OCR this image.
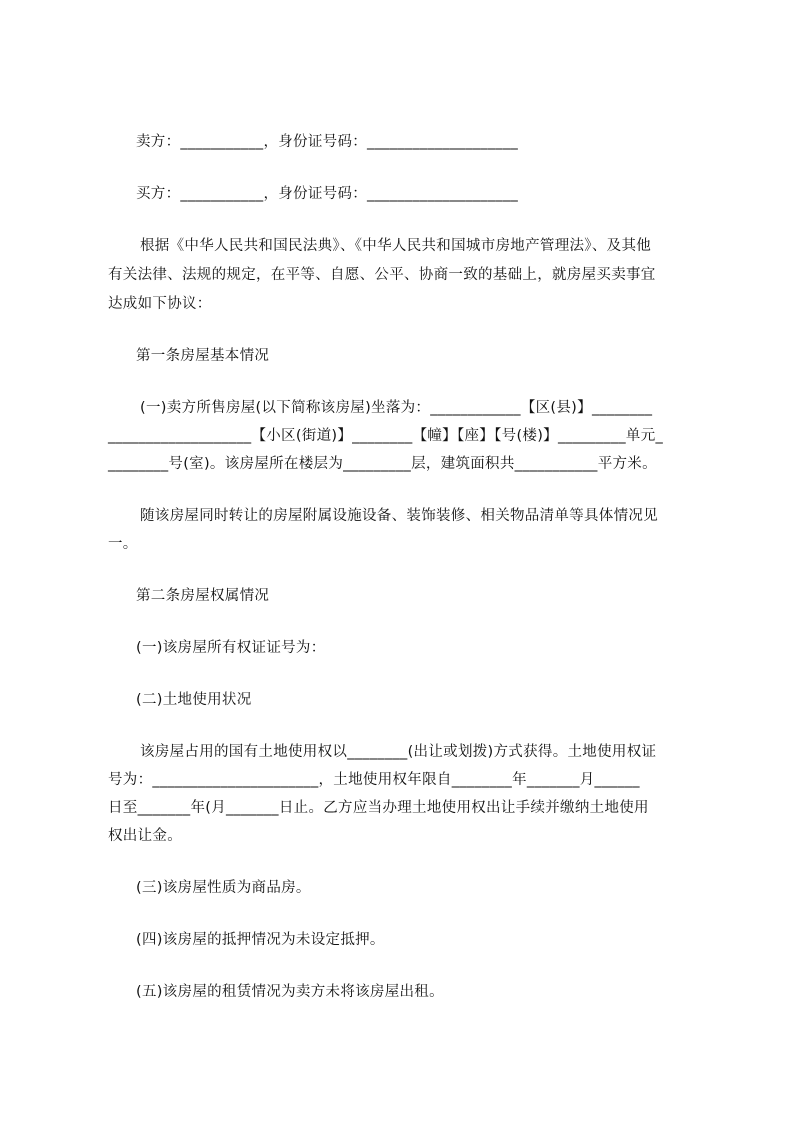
卖方：___________，身份证号码：____________________
买方：___________，身份证号码：____________________
根据《中华人民共和国民法典》、《中华人民共和国城市房地产管理法》、及其他
有关法律、法规的规定，在平等、自愿、公平、协商一致的基础上，就房屋买卖事宜
达成如下协议：
第一条房屋基本情况
(一)卖方所售房屋(以下简称该房屋)坐落为：____________【区(县)】________
___________________【小区(街道)】________【幢】【座】【号(楼)】_________单元_
________号(室)。该房屋所在楼层为_________层，建筑面积共___________平方米。
随该房屋同时转让的房屋附属设施设备、装饰装修、相关物品清单等具体情况见
一。
第二条房屋权属情况
(一)该房屋所有权证证号为：
(二)土地使用状况
该房屋占用的国有土地使用权以________(出让或划拨)方式获得。土地使用权证
号为：______________________，土地使用权年限自________年_______月______
日至_______年(月_______日止。乙方应当办理土地使用权出让手续并缴纳土地使用
权出让金。
(三)该房屋性质为商品房。
(四)该房屋的抵押情况为未设定抵押。
(五)该房屋的租赁情况为卖方未将该房屋出租。
